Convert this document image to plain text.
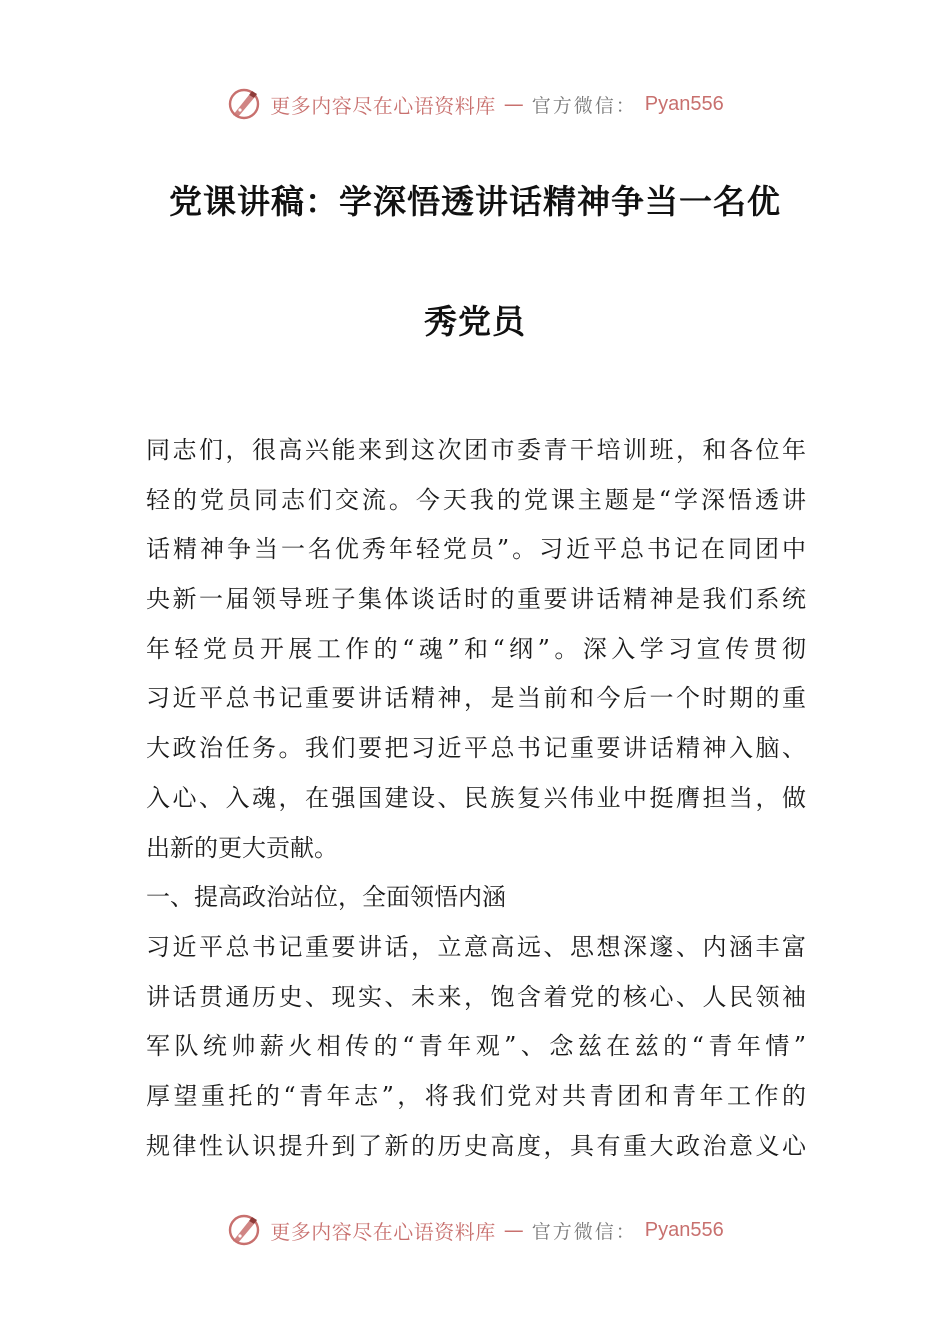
更多内容尽在心语资料库 — 官方微信： Pyan556
党课讲稿：学深悟透讲话精神争当一名优
秀党员
同志们，很高兴能来到这次团市委青干培训班，和各位年
轻的党员同志们交流。今天我的党课主题是“学深悟透讲
话精神争当一名优秀年轻党员”。习近平总书记在同团中
央新一届领导班子集体谈话时的重要讲话精神是我们系统
年轻党员开展工作的“魂”和“纲”。深入学习宣传贯彻
习近平总书记重要讲话精神，是当前和今后一个时期的重
大政治任务。我们要把习近平总书记重要讲话精神入脑、
入心、入魂，在强国建设、民族复兴伟业中挺膺担当，做
出新的更大贡献。
一、提高政治站位，全面领悟内涵
习近平总书记重要讲话，立意高远、思想深邃、内涵丰富
讲话贯通历史、现实、未来，饱含着党的核心、人民领袖
军队统帅薪火相传的“青年观”、念兹在兹的“青年情”
厚望重托的“青年志”，将我们党对共青团和青年工作的
规律性认识提升到了新的历史高度，具有重大政治意义心
更多内容尽在心语资料库 — 官方微信： Pyan556
